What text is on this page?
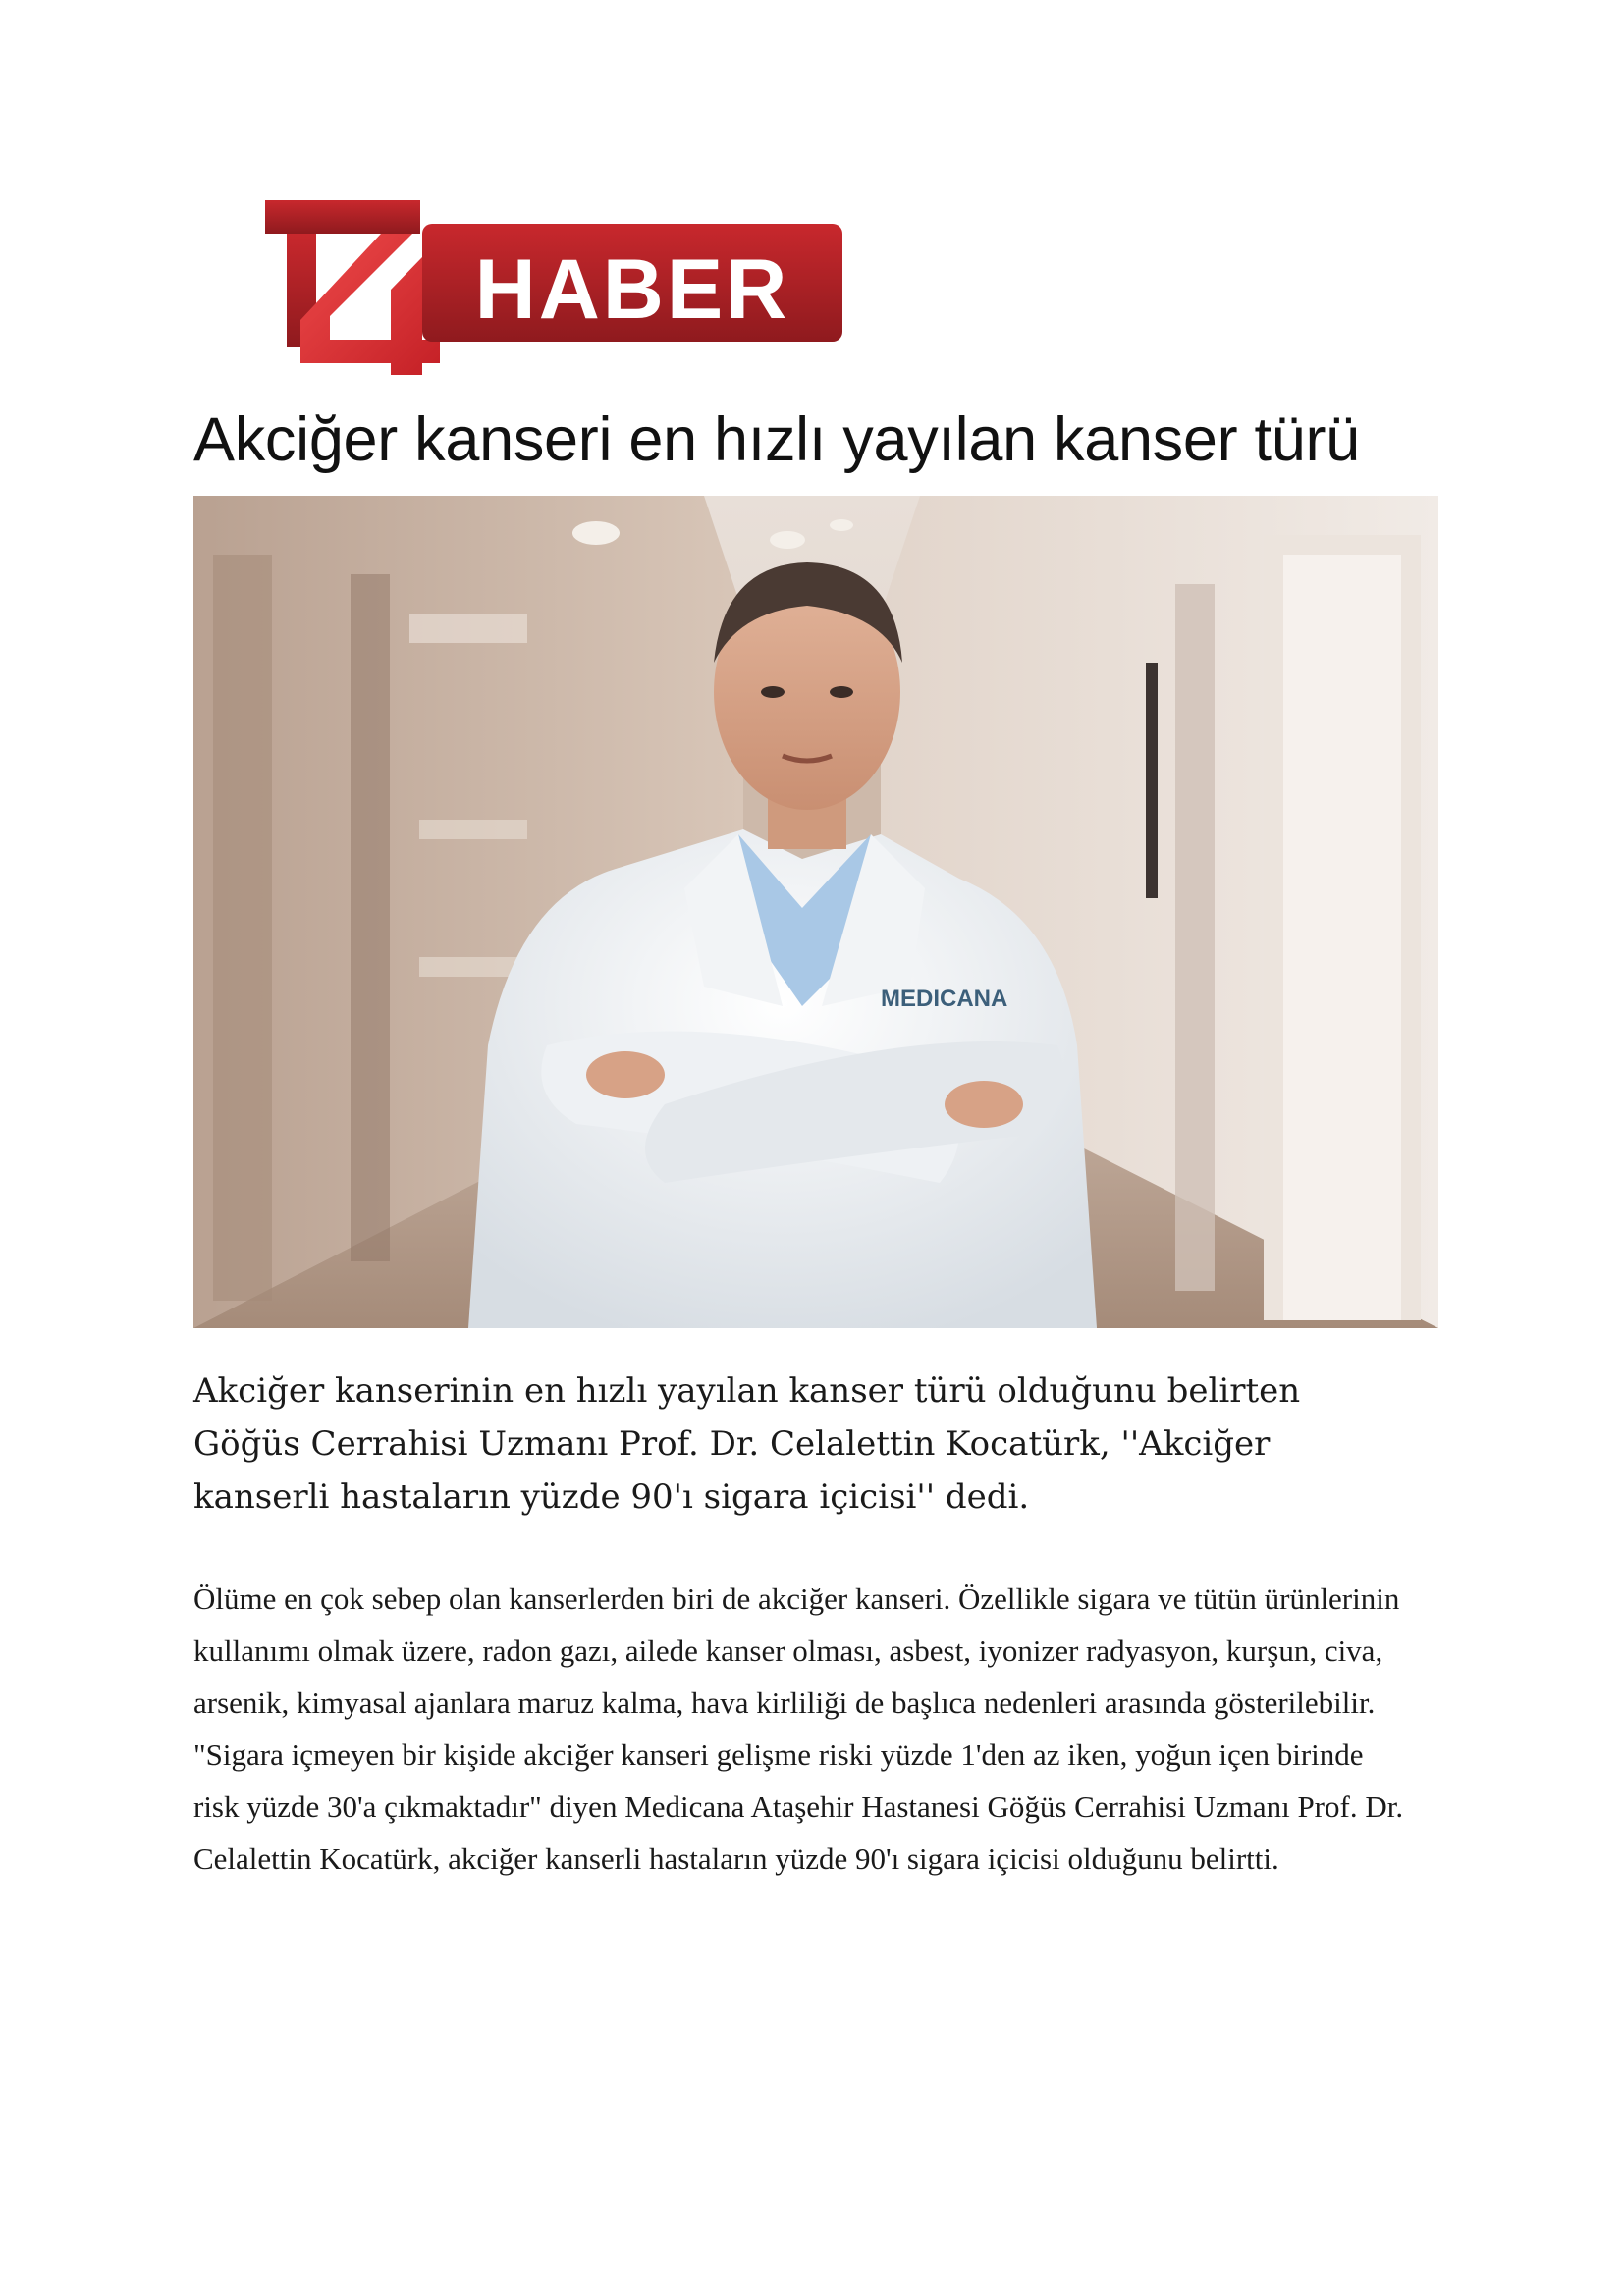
HABER
Akciğer kanseri en hızlı yayılan kanser türü
MEDICANA

Akciğer kanserinin en hızlı yayılan kanser türü olduğunu belirten Göğüs Cerrahisi Uzmanı Prof. Dr. Celalettin Kocatürk, ''Akciğer kanserli hastaların yüzde 90'ı sigara içicisi'' dedi.

Ölüme en çok sebep olan kanserlerden biri de akciğer kanseri. Özellikle sigara ve tütün ürünlerinin kullanımı olmak üzere, radon gazı, ailede kanser olması, asbest, iyonizer radyasyon, kurşun, civa, arsenik, kimyasal ajanlara maruz kalma, hava kirliliği de başlıca nedenleri arasında gösterilebilir. "Sigara içmeyen bir kişide akciğer kanseri gelişme riski yüzde 1'den az iken, yoğun içen birinde risk yüzde 30'a çıkmaktadır" diyen Medicana Ataşehir Hastanesi Göğüs Cerrahisi Uzmanı Prof. Dr. Celalettin Kocatürk, akciğer kanserli hastaların yüzde 90'ı sigara içicisi olduğunu belirtti.
